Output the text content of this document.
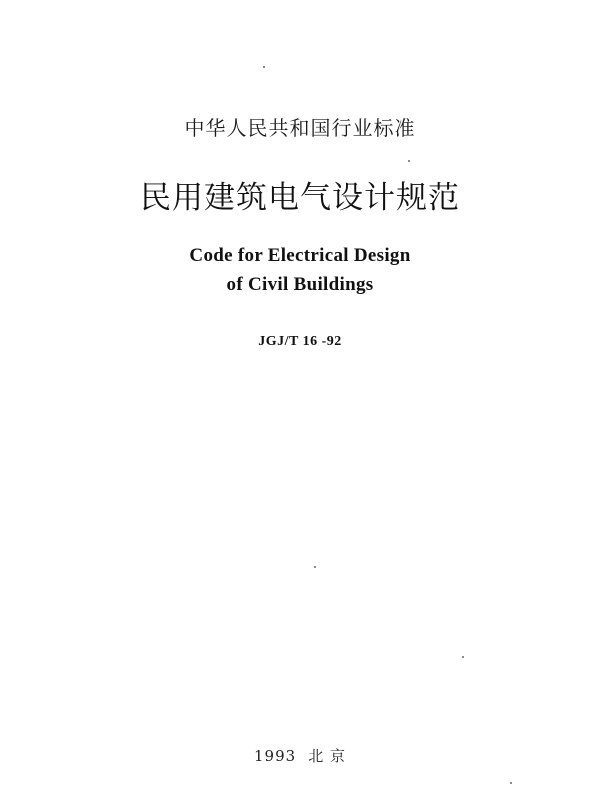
中华人民共和国行业标准
民用建筑电气设计规范
Code for Electrical Design
of Civil Buildings
JGJ/T 16 -92
1993 北 京
